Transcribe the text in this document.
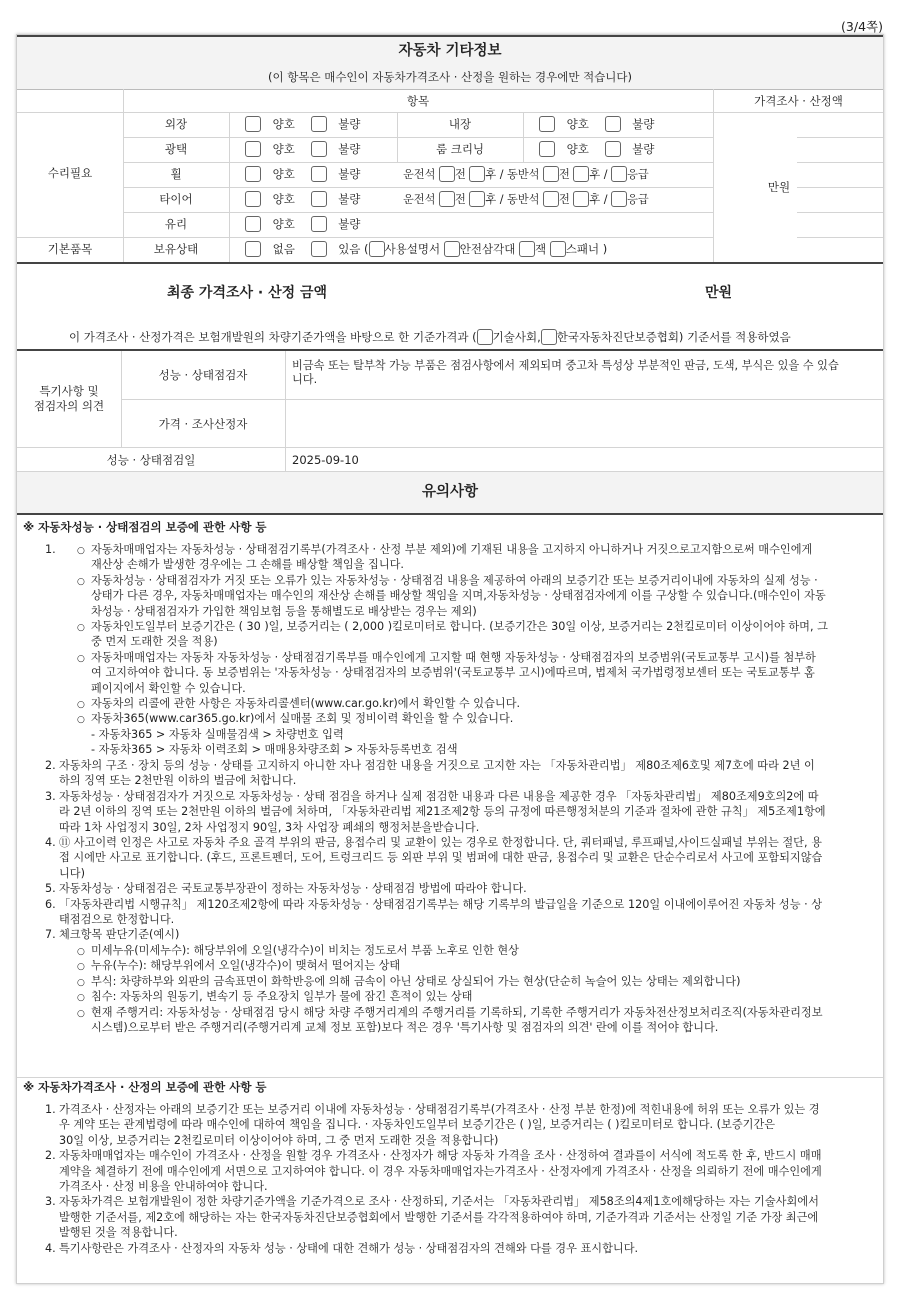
(3/4쪽)
자동차 기타정보
(이 항목은 매수인이 자동차가격조사 · 산정을 원하는 경우에만 적습니다)
항목	가격조사 · 산정액
수리필요
기본품목
만원
외장
광택
휠
타이어
유리
보유상태
내장
룸 크리닝
양호	불량
양호	불량
양호	불량
양호	불량
양호	불량
양호	불량
양호	불량
운전석 전 후 / 동반석 전 후 / 응급
운전석 전 후 / 동반석 전 후 / 응급
없음	있음 ( 사용설명서 안전삼각대 잭 스패너 )
최종 가격조사 · 산정 금액	만원
이 가격조사 · 산정가격은 보험개발원의 차량기준가액을 바탕으로 한 기준가격과 ( 기술사회, 한국자동차진단보증협회) 기준서를 적용하였음
특기사항 및
점검자의 의견
성능 · 상태점검자
비금속 또는 탈부착 가능 부품은 점검사항에서 제외되며 중고차 특성상 부분적인 판금, 도색, 부식은 있을 수 있습
니다.
가격 · 조사산정자
성능 · 상태점검일	2025-09-10
유의사항
※ 자동차성능 · 상태점검의 보증에 관한 사항 등
1.
○	자동차매매업자는 자동차성능 · 상태점검기록부(가격조사 · 산정 부분 제외)에 기재된 내용을 고지하지 아니하거나 거짓으로고지함으로써 매수인에게
재산상 손해가 발생한 경우에는 그 손해를 배상할 책임을 집니다.
○
자동차성능 · 상태점검자가 거짓 또는 오류가 있는 자동차성능 · 상태점검 내용을 제공하여 아래의 보증기간 또는 보증거리이내에 자동차의 실제 성능 ·
상태가 다른 경우, 자동차매매업자는 매수인의 재산상 손해를 배상할 책임을 지며,자동차성능 · 상태점검자에게 이를 구상할 수 있습니다.(매수인이 자동
차성능 · 상태점검자가 가입한 책임보험 등을 통해별도로 배상받는 경우는 제외)
○
자동차인도일부터 보증기간은 ( 30 )일, 보증거리는 ( 2,000 )킬로미터로 합니다. (보증기간은 30일 이상, 보증거리는 2천킬로미터 이상이어야 하며, 그
중 먼저 도래한 것을 적용)
○
자동차매매업자는 자동차 자동차성능 · 상태점검기록부를 매수인에게 고지할 때 현행 자동차성능 · 상태점검자의 보증범위(국토교통부 고시)를 첨부하
여 고지하여야 합니다. 동 보증범위는 '자동차성능 · 상태점검자의 보증범위'(국토교통부 고시)에따르며, 법제처 국가법령정보센터 또는 국토교통부 홈
페이지에서 확인할 수 있습니다.
○
자동차의 리콜에 관한 사항은 자동차리콜센터(www.car.go.kr)에서 확인할 수 있습니다.
○
자동차365(www.car365.go.kr)에서 실매물 조회 및 정비이력 확인을 할 수 있습니다.
- 자동차365 > 자동차 실매물검색 > 차량번호 입력
- 자동차365 > 자동차 이력조회 > 매매용차량조회 > 자동차등록번호 검색
2. 자동차의 구조 · 장치 등의 성능 · 상태를 고지하지 아니한 자나 점검한 내용을 거짓으로 고지한 자는 「자동차관리법」 제80조제6호및 제7호에 따라 2년 이
하의 징역 또는 2천만원 이하의 벌금에 처합니다.
3. 자동차성능 · 상태점검자가 거짓으로 자동차성능 · 상태 점검을 하거나 실제 점검한 내용과 다른 내용을 제공한 경우 「자동차관리법」 제80조제9호의2에 따
라 2년 이하의 징역 또는 2천만원 이하의 벌금에 처하며, 「자동차관리법 제21조제2항 등의 규정에 따른행정처분의 기준과 절차에 관한 규칙」 제5조제1항에
따라 1차 사업정지 30일, 2차 사업정지 90일, 3차 사업장 폐쇄의 행정처분을받습니다.
4. ⑪ 사고이력 인정은 사고로 자동차 주요 골격 부위의 판금, 용접수리 및 교환이 있는 경우로 한정합니다. 단, 쿼터패널, 루프패널,사이드실패널 부위는 절단, 용
접 시에만 사고로 표기합니다. (후드, 프론트펜더, 도어, 트렁크리드 등 외판 부위 및 범퍼에 대한 판금, 용접수리 및 교환은 단순수리로서 사고에 포함되지않습
니다)
5. 자동차성능 · 상태점검은 국토교통부장관이 정하는 자동차성능 · 상태점검 방법에 따라야 합니다.
6. 「자동차관리법 시행규칙」 제120조제2항에 따라 자동차성능 · 상태점검기록부는 해당 기록부의 발급일을 기준으로 120일 이내에이루어진 자동차 성능 · 상
태점검으로 한정합니다.
7. 체크항목 판단기준(예시)
○
미세누유(미세누수): 해당부위에 오일(냉각수)이 비치는 정도로서 부품 노후로 인한 현상
○
누유(누수): 해당부위에서 오일(냉각수)이 맺혀서 떨어지는 상태
○
부식: 차량하부와 외판의 금속표면이 화학반응에 의해 금속이 아닌 상태로 상실되어 가는 현상(단순히 녹슬어 있는 상태는 제외합니다)
○
침수: 자동차의 원동기, 변속기 등 주요장치 일부가 물에 잠긴 흔적이 있는 상태
○
현재 주행거리: 자동차성능 · 상태점검 당시 해당 차량 주행거리계의 주행거리를 기록하되, 기록한 주행거리가 자동차전산정보처리조직(자동차관리정보
시스템)으로부터 받은 주행거리(주행거리계 교체 정보 포함)보다 적은 경우 '특기사항 및 점검자의 의견' 란에 이를 적어야 합니다.
※ 자동차가격조사 · 산정의 보증에 관한 사항 등
1. 가격조사 · 산정자는 아래의 보증기간 또는 보증거리 이내에 자동차성능 · 상태점검기록부(가격조사 · 산정 부분 한정)에 적힌내용에 허위 또는 오류가 있는 경
우 계약 또는 관계법령에 따라 매수인에 대하여 책임을 집니다. · 자동차인도일부터 보증기간은 ( )일, 보증거리는 ( )킬로미터로 합니다. (보증기간은
30일 이상, 보증거리는 2천킬로미터 이상이어야 하며, 그 중 먼저 도래한 것을 적용합니다)
2. 자동차매매업자는 매수인이 가격조사 · 산정을 원할 경우 가격조사 · 산정자가 해당 자동차 가격을 조사 · 산정하여 결과를이 서식에 적도록 한 후, 반드시 매매
계약을 체결하기 전에 매수인에게 서면으로 고지하여야 합니다. 이 경우 자동차매매업자는가격조사 · 산정자에게 가격조사 · 산정을 의뢰하기 전에 매수인에게
가격조사 · 산정 비용을 안내하여야 합니다.
3. 자동차가격은 보험개발원이 정한 차량기준가액을 기준가격으로 조사 · 산정하되, 기준서는 「자동차관리법」 제58조의4제1호에해당하는 자는 기술사회에서
발행한 기준서를, 제2호에 해당하는 자는 한국자동차진단보증협회에서 발행한 기준서를 각각적용하여야 하며, 기준가격과 기준서는 산정일 기준 가장 최근에
발행된 것을 적용합니다.
4. 특기사항란은 가격조사 · 산정자의 자동차 성능 · 상태에 대한 견해가 성능 · 상태점검자의 견해와 다를 경우 표시합니다.
